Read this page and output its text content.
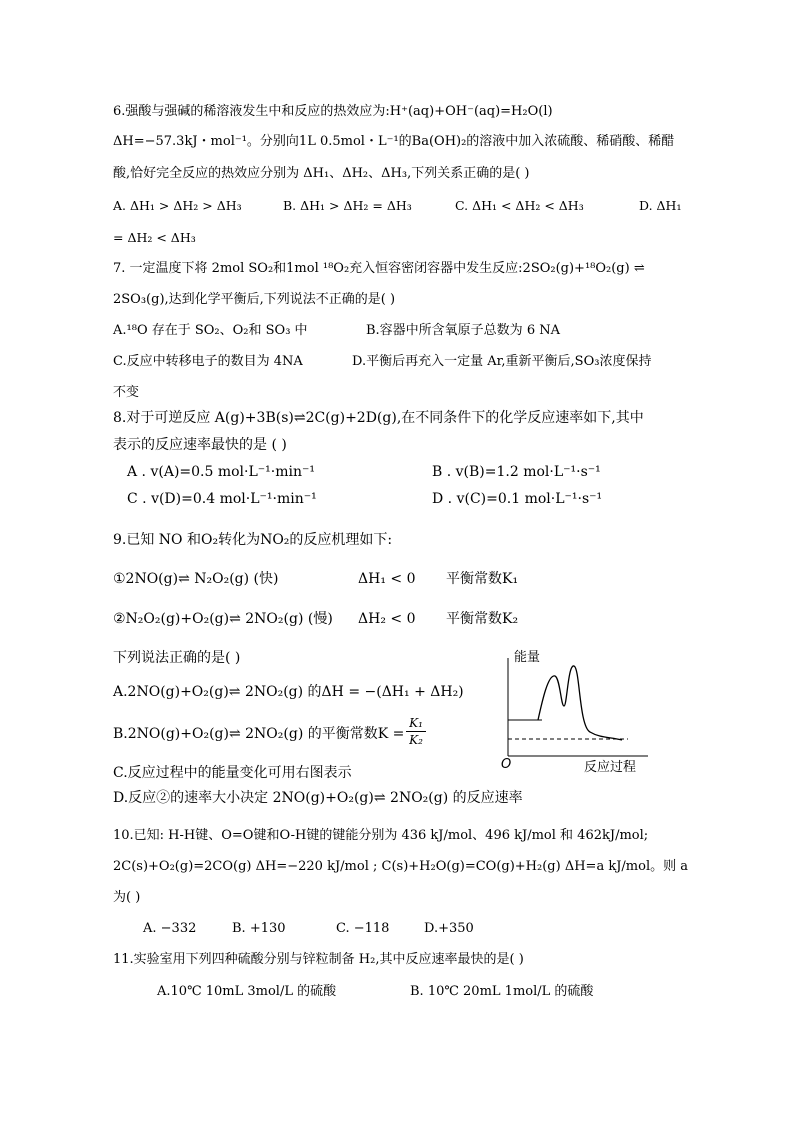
6.强酸与强碱的稀溶液发生中和反应的热效应为:H⁺(aq)+OH⁻(aq)=H₂O(l)
ΔH=−57.3kJ・mol⁻¹。分别向1L 0.5mol・L⁻¹的Ba(OH)₂的溶液中加入浓硫酸、稀硝酸、稀醋
酸,恰好完全反应的热效应分别为 ΔH₁、ΔH₂、ΔH₃,下列关系正确的是( )
A. ΔH₁ > ΔH₂ > ΔH₃	B. ΔH₁ > ΔH₂ = ΔH₃	C. ΔH₁ < ΔH₂ < ΔH₃	D. ΔH₁
= ΔH₂ < ΔH₃
7. 一定温度下将 2mol SO₂和1mol ¹⁸O₂充入恒容密闭容器中发生反应:2SO₂(g)+¹⁸O₂(g) ⇌
2SO₃(g),达到化学平衡后,下列说法不正确的是( )
A.¹⁸O 存在于 SO₂、O₂和 SO₃ 中	B.容器中所含氧原子总数为 6 NA
C.反应中转移电子的数目为 4NA	D.平衡后再充入一定量 Ar,重新平衡后,SO₃浓度保持
不变
8.对于可逆反应 A(g)+3B(s)⇌2C(g)+2D(g),在不同条件下的化学反应速率如下,其中
表示的反应速率最快的是 ( )
A . v(A)=0.5 mol·L⁻¹·min⁻¹	B . v(B)=1.2 mol·L⁻¹·s⁻¹
C . v(D)=0.4 mol·L⁻¹·min⁻¹	D . v(C)=0.1 mol·L⁻¹·s⁻¹
9.已知 NO 和O₂转化为NO₂的反应机理如下:
①2NO(g)⇌ N₂O₂(g) (快)	ΔH₁ < 0 平衡常数K₁
②N₂O₂(g)+O₂(g)⇌ 2NO₂(g) (慢) ΔH₂ < 0 平衡常数K₂
下列说法正确的是( )
A.2NO(g)+O₂(g)⇌ 2NO₂(g) 的ΔH = −(ΔH₁ + ΔH₂)
B.2NO(g)+O₂(g)⇌ 2NO₂(g) 的平衡常数K =
K₁
K₂
C.反应过程中的能量变化可用右图表示
D.反应②的速率大小决定 2NO(g)+O₂(g)⇌ 2NO₂(g) 的反应速率
能量
O	反应过程
10.已知: H-H键、O=O键和O-H键的键能分别为 436 kJ/mol、496 kJ/mol 和 462kJ/mol;
2C(s)+O₂(g)=2CO(g) ΔH=−220 kJ/mol ; C(s)+H₂O(g)=CO(g)+H₂(g) ΔH=a kJ/mol。则 a
为( )
A. −332	B. +130	C. −118	D.+350
11.实验室用下列四种硫酸分别与锌粒制备 H₂,其中反应速率最快的是( )
A.10℃ 10mL 3mol/L 的硫酸	B. 10℃ 20mL 1mol/L 的硫酸
